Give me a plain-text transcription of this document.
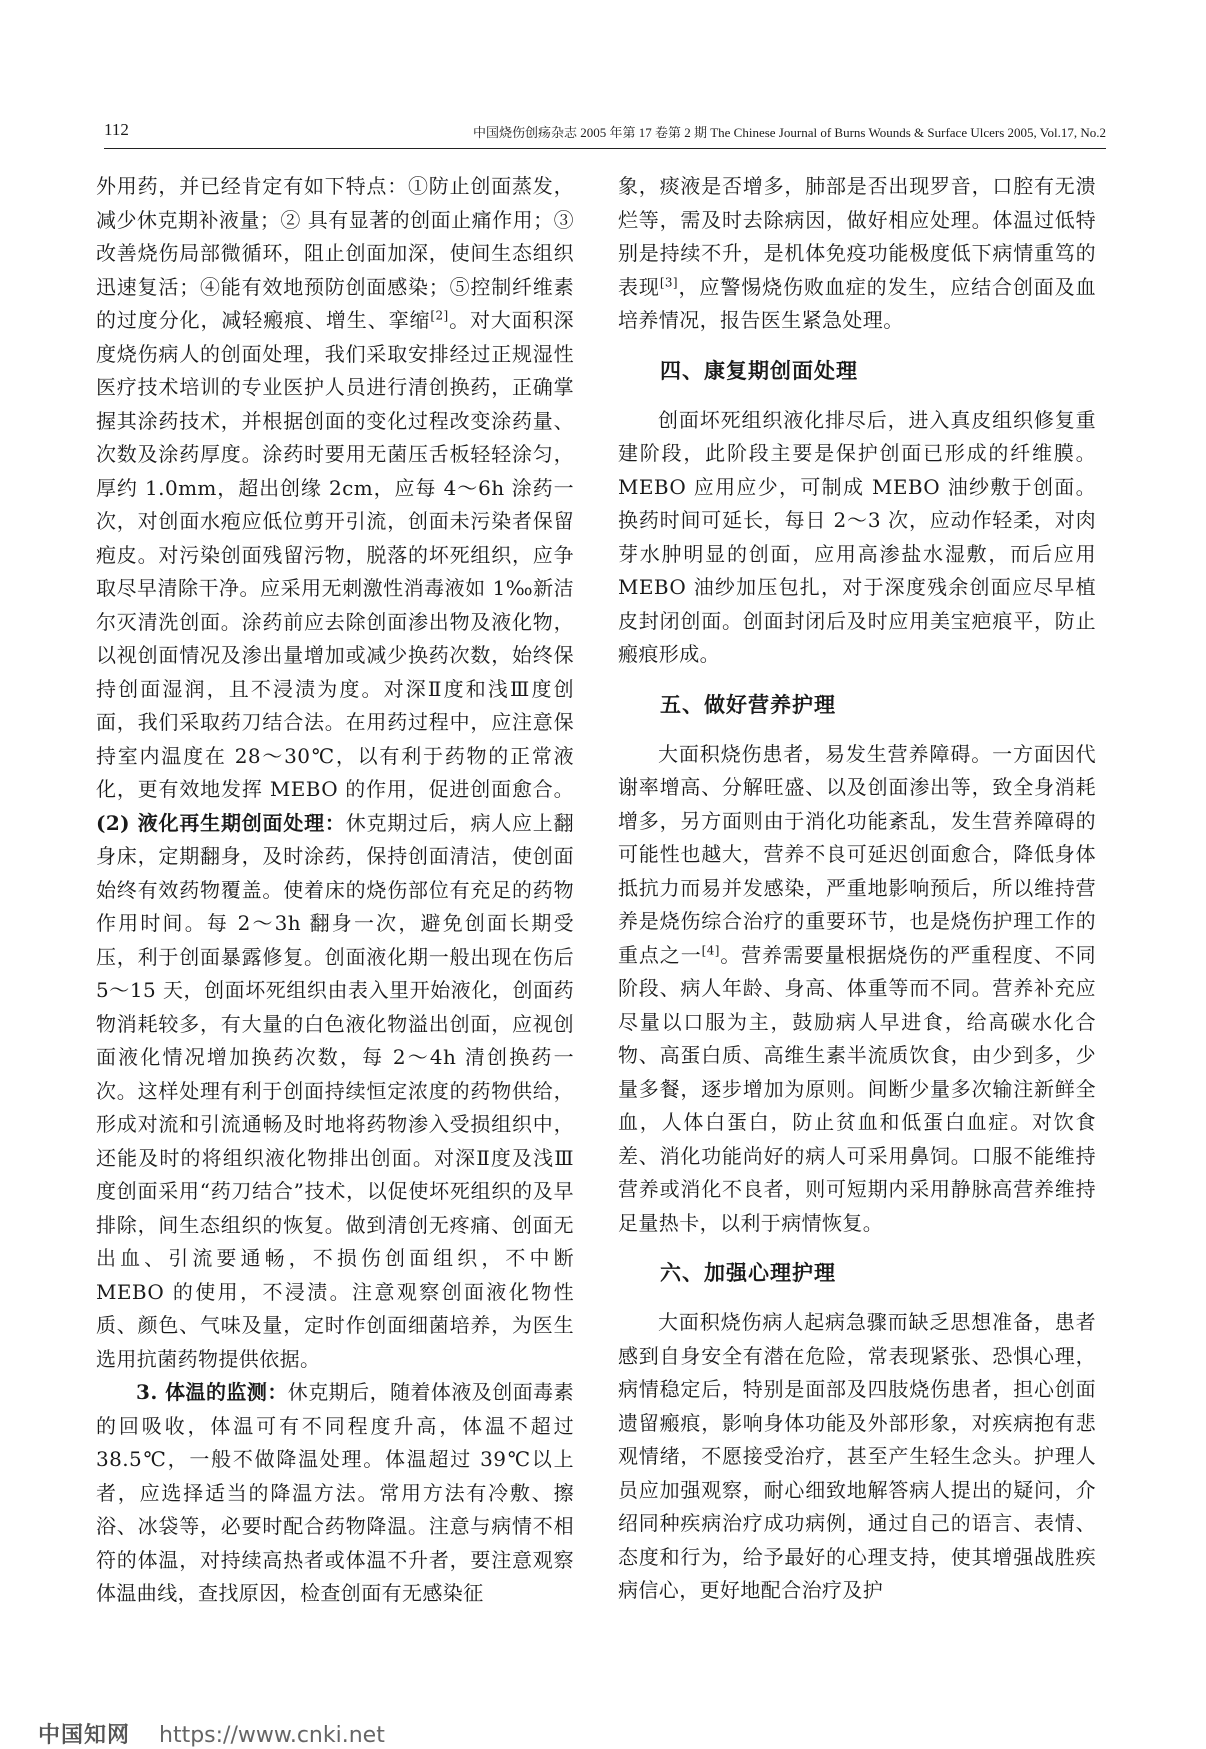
112	中国烧伤创疡杂志 2005 年第 17 卷第 2 期 The Chinese Journal of Burns Wounds & Surface Ulcers 2005, Vol.17, No.2

外用药，并已经肯定有如下特点：①防止创面蒸发，减少休克期补液量；② 具有显著的创面止痛作用；③改善烧伤局部微循环，阻止创面加深，使间生态组织迅速复活；④能有效地预防创面感染；⑤控制纤维素的过度分化，减轻瘢痕、增生、挛缩[2]。对大面积深度烧伤病人的创面处理，我们采取安排经过正规湿性医疗技术培训的专业医护人员进行清创换药，正确掌握其涂药技术，并根据创面的变化过程改变涂药量、次数及涂药厚度。涂药时要用无菌压舌板轻轻涂匀，厚约 1.0mm，超出创缘 2cm，应每 4～6h 涂药一次，对创面水疱应低位剪开引流，创面未污染者保留疱皮。对污染创面残留污物，脱落的坏死组织，应争取尽早清除干净。应采用无刺激性消毒液如 1‰新洁尔灭清洗创面。涂药前应去除创面渗出物及液化物，以视创面情况及渗出量增加或减少换药次数，始终保持创面湿润，且不浸渍为度。对深Ⅱ度和浅Ⅲ度创面，我们采取药刀结合法。在用药过程中，应注意保持室内温度在 28～30℃，以有利于药物的正常液化，更有效地发挥 MEBO 的作用，促进创面愈合。(2) 液化再生期创面处理：休克期过后，病人应上翻身床，定期翻身，及时涂药，保持创面清洁，使创面始终有效药物覆盖。使着床的烧伤部位有充足的药物作用时间。每 2～3h 翻身一次，避免创面长期受压，利于创面暴露修复。创面液化期一般出现在伤后 5～15 天，创面坏死组织由表入里开始液化，创面药物消耗较多，有大量的白色液化物溢出创面，应视创面液化情况增加换药次数，每 2～4h 清创换药一次。这样处理有利于创面持续恒定浓度的药物供给，形成对流和引流通畅及时地将药物渗入受损组织中，还能及时的将组织液化物排出创面。对深Ⅱ度及浅Ⅲ度创面采用“药刀结合”技术，以促使坏死组织的及早排除，间生态组织的恢复。做到清创无疼痛、创面无出血、引流要通畅，不损伤创面组织，不中断 MEBO 的使用，不浸渍。注意观察创面液化物性质、颜色、气味及量，定时作创面细菌培养，为医生选用抗菌药物提供依据。

3. 体温的监测：休克期后，随着体液及创面毒素的回吸收，体温可有不同程度升高，体温不超过 38.5℃，一般不做降温处理。体温超过 39℃以上者，应选择适当的降温方法。常用方法有冷敷、擦浴、冰袋等，必要时配合药物降温。注意与病情不相符的体温，对持续高热者或体温不升者，要注意观察体温曲线，查找原因，检查创面有无感染征

象，痰液是否增多，肺部是否出现罗音，口腔有无溃烂等，需及时去除病因，做好相应处理。体温过低特别是持续不升，是机体免疫功能极度低下病情重笃的表现[3]，应警惕烧伤败血症的发生，应结合创面及血培养情况，报告医生紧急处理。

四、康复期创面处理

创面坏死组织液化排尽后，进入真皮组织修复重建阶段，此阶段主要是保护创面已形成的纤维膜。MEBO 应用应少，可制成 MEBO 油纱敷于创面。换药时间可延长，每日 2～3 次，应动作轻柔，对肉芽水肿明显的创面，应用高渗盐水湿敷，而后应用 MEBO 油纱加压包扎，对于深度残余创面应尽早植皮封闭创面。创面封闭后及时应用美宝疤痕平，防止瘢痕形成。

五、做好营养护理

大面积烧伤患者，易发生营养障碍。一方面因代谢率增高、分解旺盛、以及创面渗出等，致全身消耗增多，另方面则由于消化功能紊乱，发生营养障碍的可能性也越大，营养不良可延迟创面愈合，降低身体抵抗力而易并发感染，严重地影响预后，所以维持营养是烧伤综合治疗的重要环节，也是烧伤护理工作的重点之一[4]。营养需要量根据烧伤的严重程度、不同阶段、病人年龄、身高、体重等而不同。营养补充应尽量以口服为主，鼓励病人早进食，给高碳水化合物、高蛋白质、高维生素半流质饮食，由少到多，少量多餐，逐步增加为原则。间断少量多次输注新鲜全血，人体白蛋白，防止贫血和低蛋白血症。对饮食差、消化功能尚好的病人可采用鼻饲。口服不能维持营养或消化不良者，则可短期内采用静脉高营养维持足量热卡，以利于病情恢复。

六、加强心理护理

大面积烧伤病人起病急骤而缺乏思想准备，患者感到自身安全有潜在危险，常表现紧张、恐惧心理，病情稳定后，特别是面部及四肢烧伤患者，担心创面遗留瘢痕，影响身体功能及外部形象，对疾病抱有悲观情绪，不愿接受治疗，甚至产生轻生念头。护理人员应加强观察，耐心细致地解答病人提出的疑问，介绍同种疾病治疗成功病例，通过自己的语言、表情、态度和行为，给予最好的心理支持，使其增强战胜疾病信心，更好地配合治疗及护

中国知网 https://www.cnki.net
